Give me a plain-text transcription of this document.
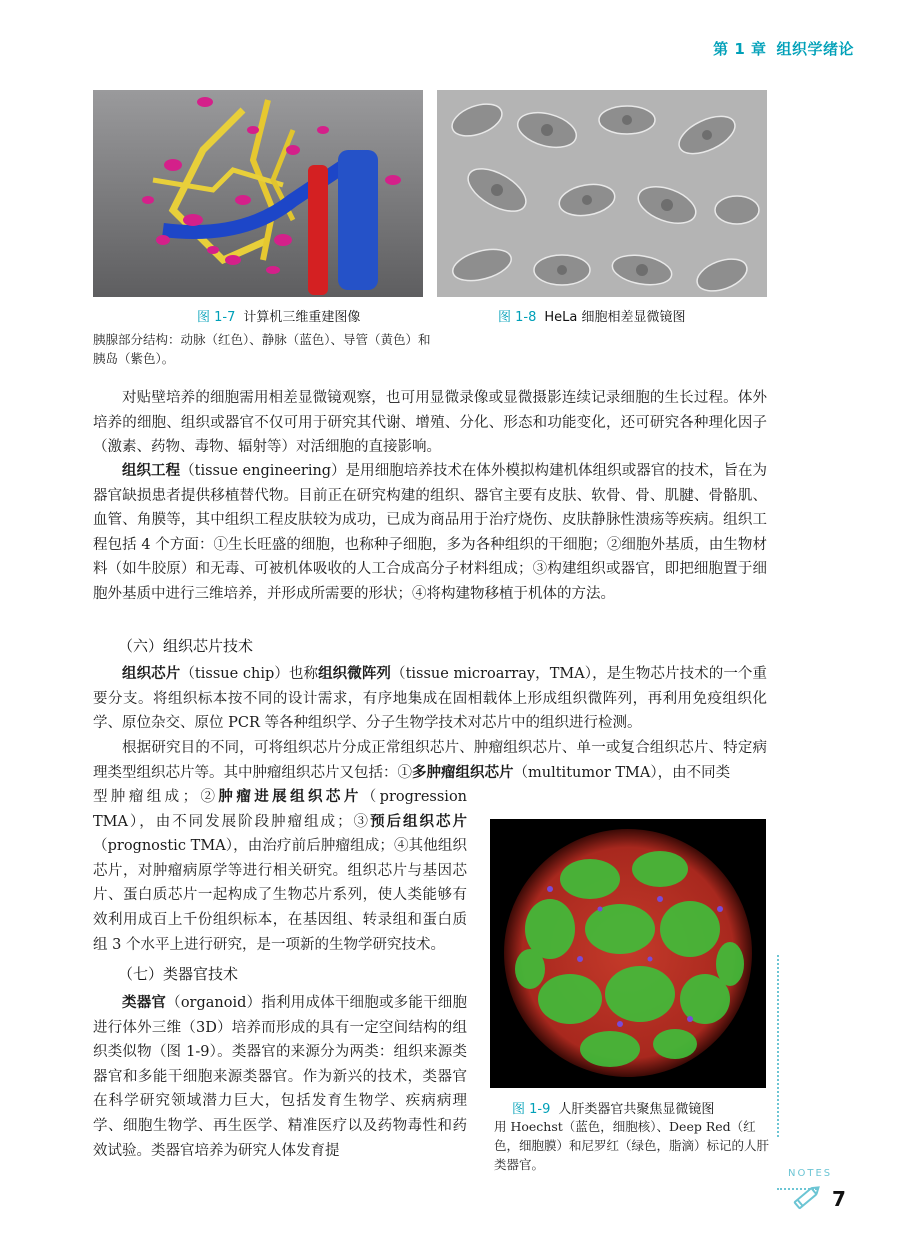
第 1 章 组织学绪论
图 1-7 计算机三维重建图像
胰腺部分结构：动脉（红色）、静脉（蓝色）、导管（黄色）和胰岛（紫色）。
图 1-8 HeLa 细胞相差显微镜图

对贴壁培养的细胞需用相差显微镜观察，也可用显微录像或显微摄影连续记录细胞的生长过程。体外培养的细胞、组织或器官不仅可用于研究其代谢、增殖、分化、形态和功能变化，还可研究各种理化因子（激素、药物、毒物、辐射等）对活细胞的直接影响。

组织工程（tissue engineering）是用细胞培养技术在体外模拟构建机体组织或器官的技术，旨在为器官缺损患者提供移植替代物。目前正在研究构建的组织、器官主要有皮肤、软骨、骨、肌腱、骨骼肌、血管、角膜等，其中组织工程皮肤较为成功，已成为商品用于治疗烧伤、皮肤静脉性溃疡等疾病。组织工程包括 4 个方面：①生长旺盛的细胞，也称种子细胞，多为各种组织的干细胞；②细胞外基质，由生物材料（如牛胶原）和无毒、可被机体吸收的人工合成高分子材料组成；③构建组织或器官，即把细胞置于细胞外基质中进行三维培养，并形成所需要的形状；④将构建物移植于机体的方法。

（六）组织芯片技术

组织芯片（tissue chip）也称组织微阵列（tissue microarray，TMA），是生物芯片技术的一个重要分支。将组织标本按不同的设计需求，有序地集成在固相载体上形成组织微阵列，再利用免疫组织化学、原位杂交、原位 PCR 等各种组织学、分子生物学技术对芯片中的组织进行检测。

根据研究目的不同，可将组织芯片分成正常组织芯片、肿瘤组织芯片、单一或复合组织芯片、特定病理类型组织芯片等。其中肿瘤组织芯片又包括：①多肿瘤组织芯片（multitumor TMA），由不同类

型肿瘤组成；②肿瘤进展组织芯片（progression TMA），由不同发展阶段肿瘤组成；③预后组织芯片（prognostic TMA），由治疗前后肿瘤组成；④其他组织芯片，对肿瘤病原学等进行相关研究。组织芯片与基因芯片、蛋白质芯片一起构成了生物芯片系列，使人类能够有效利用成百上千份组织标本，在基因组、转录组和蛋白质组 3 个水平上进行研究，是一项新的生物学研究技术。

（七）类器官技术

类器官（organoid）指利用成体干细胞或多能干细胞进行体外三维（3D）培养而形成的具有一定空间结构的组织类似物（图 1-9）。类器官的来源分为两类：组织来源类器官和多能干细胞来源类器官。作为新兴的技术，类器官在科学研究领域潜力巨大，包括发育生物学、疾病病理学、细胞生物学、再生医学、精准医疗以及药物毒性和药效试验。类器官培养为研究人体发育提

图 1-9 人肝类器官共聚焦显微镜图
用 Hoechst（蓝色，细胞核）、Deep Red（红色，细胞膜）和尼罗红（绿色，脂滴）标记的人肝类器官。
NOTES
7
